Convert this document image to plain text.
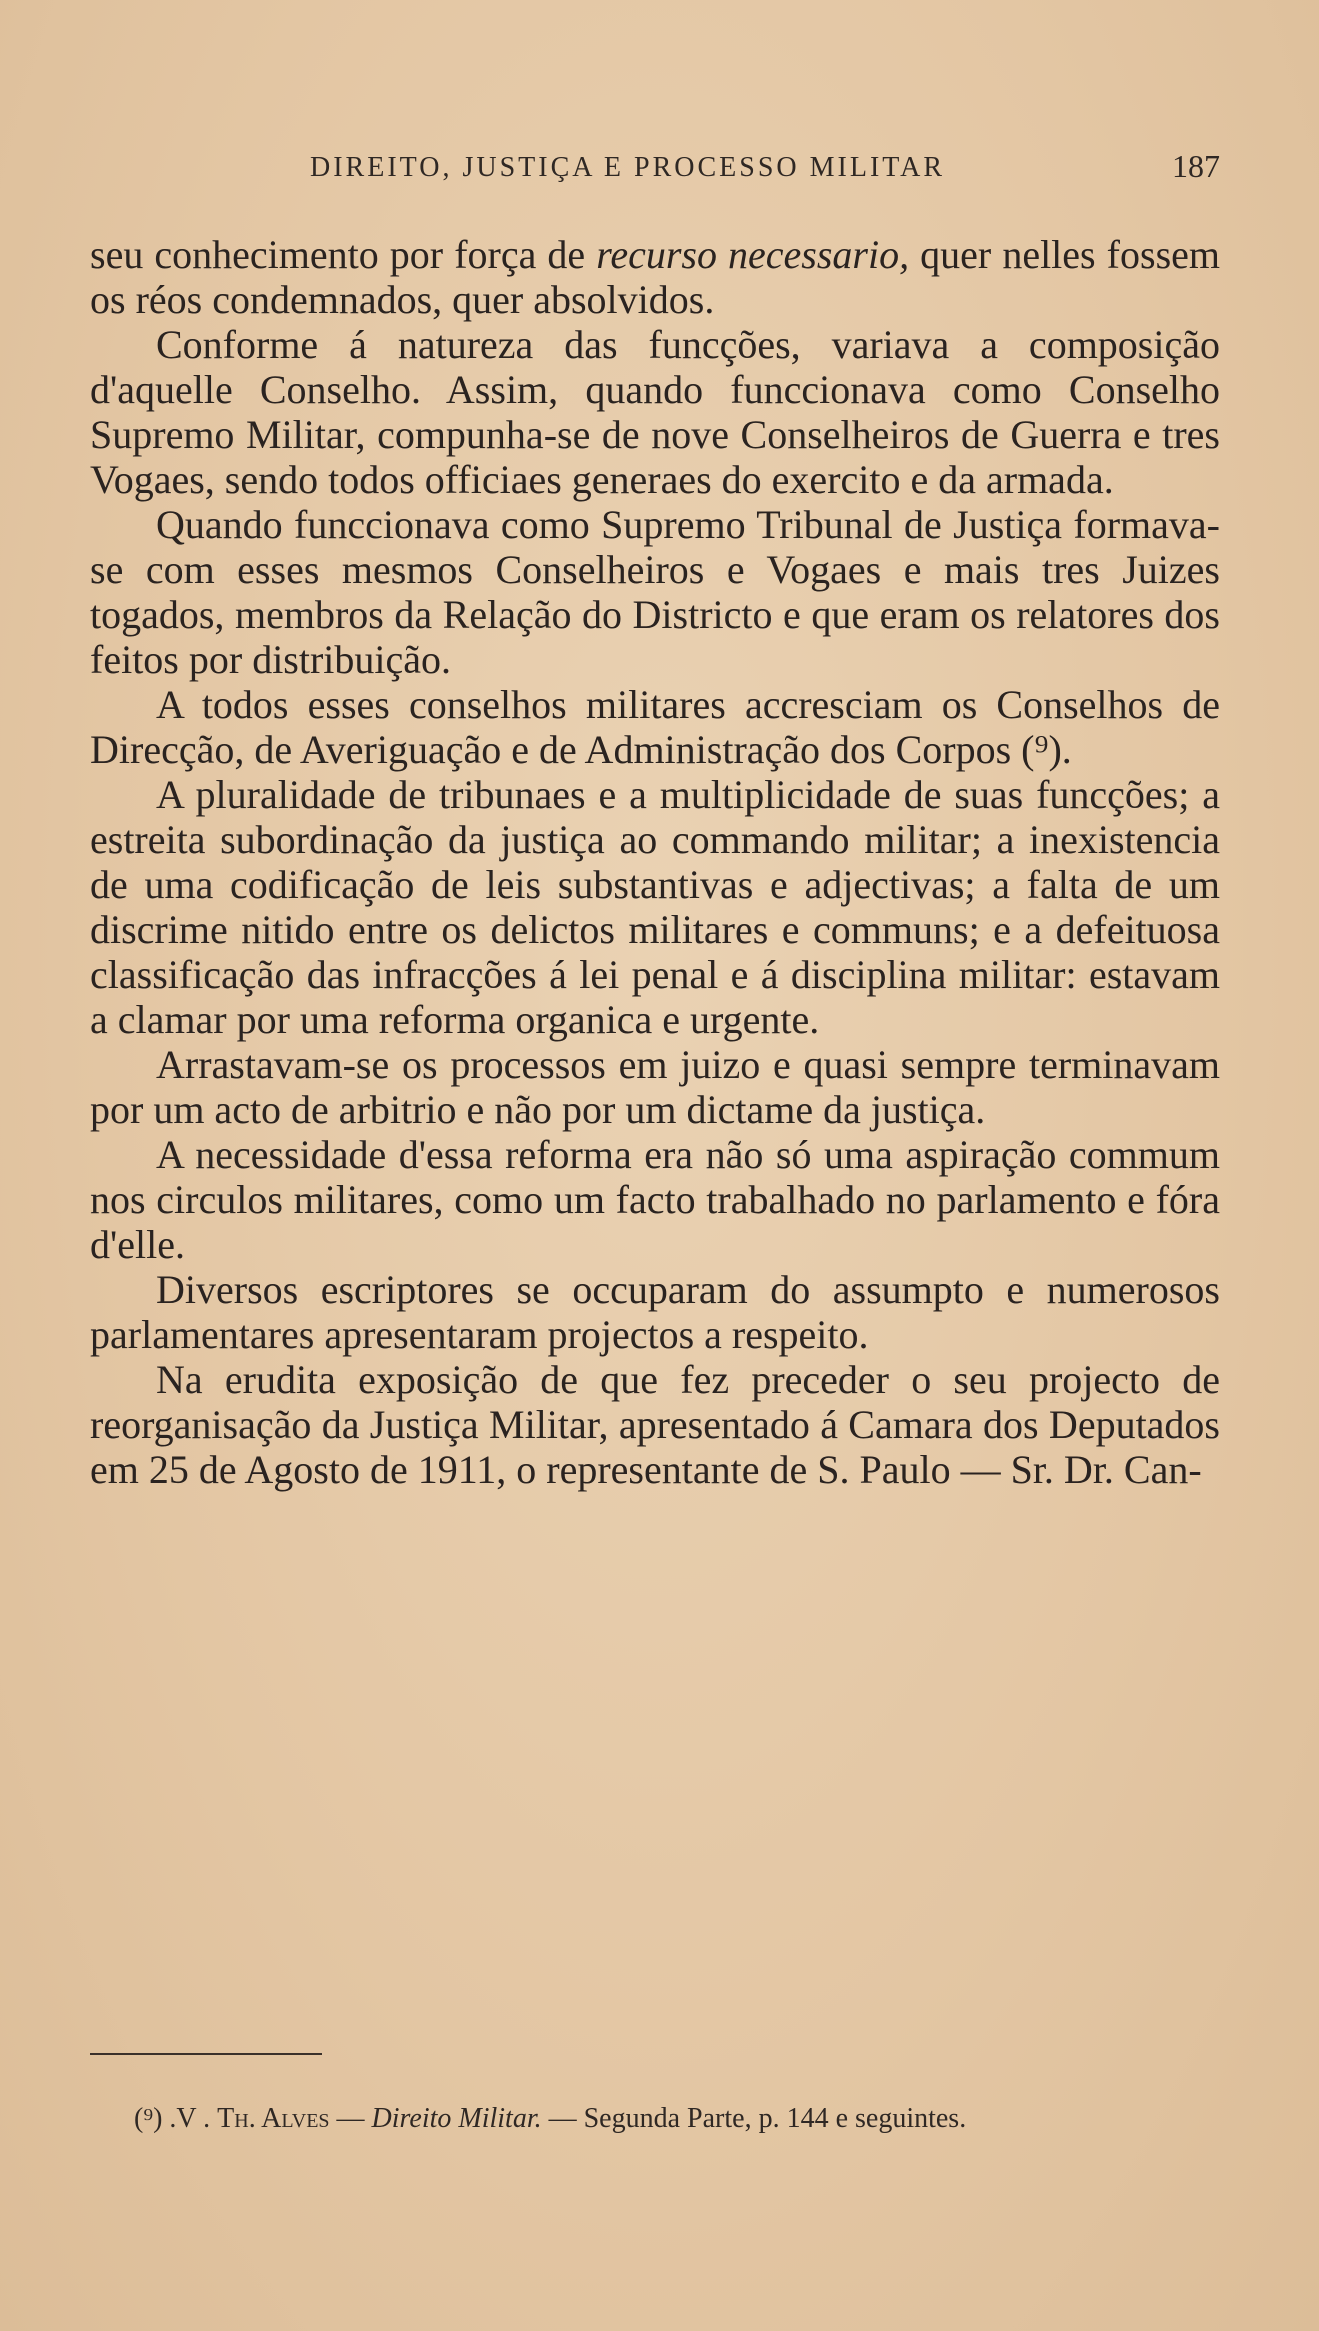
DIREITO, JUSTIÇA E PROCESSO MILITAR	187

seu conhecimento por força de recurso necessario, quer nelles fossem os réos condemnados, quer absolvidos.

Conforme á natureza das funcções, variava a composição d'aquelle Conselho. Assim, quando funccionava como Conselho Supremo Militar, compunha-se de nove Conselheiros de Guerra e tres Vogaes, sendo todos officiaes generaes do exercito e da armada.

Quando funccionava como Supremo Tribunal de Justiça formava-se com esses mesmos Conselheiros e Vogaes e mais tres Juizes togados, membros da Relação do Districto e que eram os relatores dos feitos por distribuição.

A todos esses conselhos militares accresciam os Conselhos de Direcção, de Averiguação e de Administração dos Corpos (⁹).

A pluralidade de tribunaes e a multiplicidade de suas funcções; a estreita subordinação da justiça ao commando militar; a inexistencia de uma codificação de leis substantivas e adjectivas; a falta de um discrime nitido entre os delictos militares e communs; e a defeituosa classificação das infracções á lei penal e á disciplina militar: estavam a clamar por uma reforma organica e urgente.

Arrastavam-se os processos em juizo e quasi sempre terminavam por um acto de arbitrio e não por um dictame da justiça.

A necessidade d'essa reforma era não só uma aspiração commum nos circulos militares, como um facto trabalhado no parlamento e fóra d'elle.

Diversos escriptores se occuparam do assumpto e numerosos parlamentares apresentaram projectos a respeito.

Na erudita exposição de que fez preceder o seu projecto de reorganisação da Justiça Militar, apresentado á Camara dos Deputados em 25 de Agosto de 1911, o representante de S. Paulo — Sr. Dr. Can-

(⁹) .V . Th. Alves — Direito Militar. — Segunda Parte, p. 144 e seguintes.
